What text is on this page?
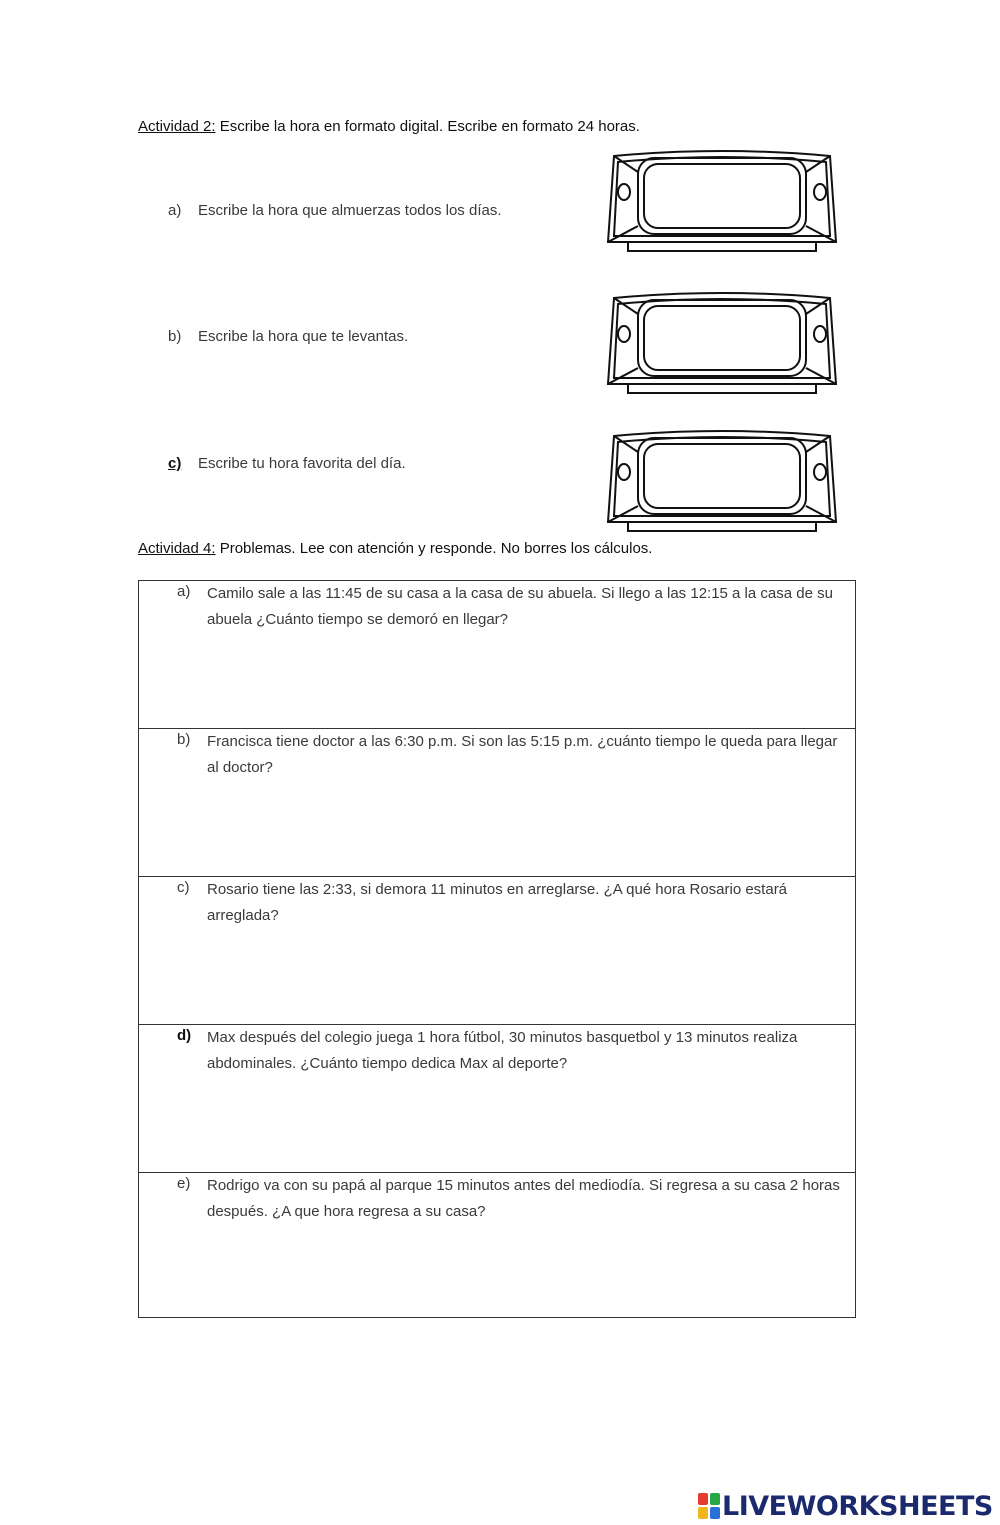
Actividad 2: Escribe la hora en formato digital. Escribe en formato 24 horas.
a) Escribe la hora que almuerzas todos los días.
b) Escribe la hora que te levantas.
c) Escribe tu hora favorita del día.
Actividad 4: Problemas. Lee con atención y responde. No borres los cálculos.
a) Camilo sale a las 11:45 de su casa a la casa de su abuela. Si llego a las 12:15 a la casa de su abuela ¿Cuánto tiempo se demoró en llegar?
b) Francisca tiene doctor a las 6:30 p.m. Si son las 5:15 p.m. ¿cuánto tiempo le queda para llegar al doctor?
c) Rosario tiene las 2:33, si demora 11 minutos en arreglarse. ¿A qué hora Rosario estará arreglada?
d) Max después del colegio juega 1 hora fútbol, 30 minutos basquetbol y 13 minutos realiza abdominales. ¿Cuánto tiempo dedica Max al deporte?
e) Rodrigo va con su papá al parque 15 minutos antes del mediodía. Si regresa a su casa 2 horas después. ¿A que hora regresa a su casa?
LIVEWORKSHEETS
